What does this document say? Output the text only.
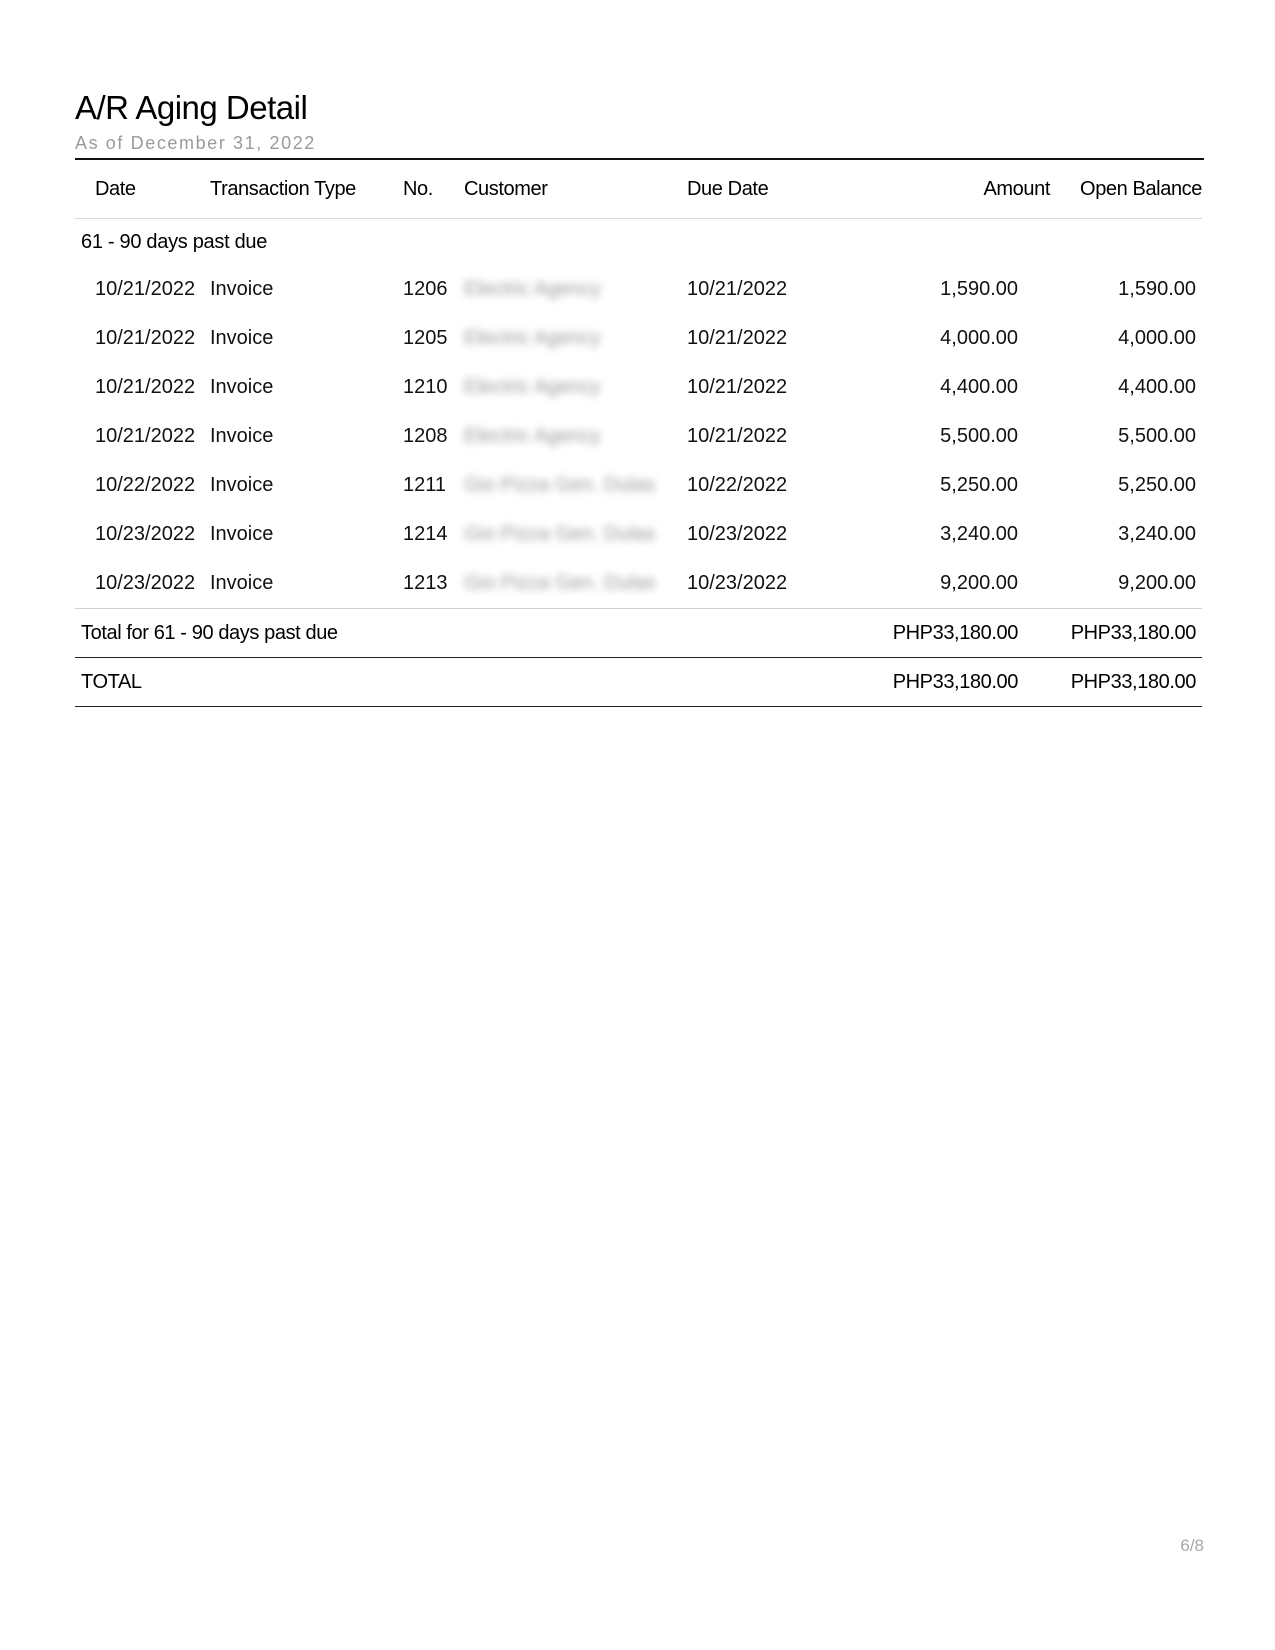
A/R Aging Detail
As of December 31, 2022
Date	Transaction Type	No.	Customer	Due Date	Amount	Open Balance
61 - 90 days past due						
10/21/2022	Invoice	1206	Electric Agency	10/21/2022	1,590.00	1,590.00
10/21/2022	Invoice	1205	Electric Agency	10/21/2022	4,000.00	4,000.00
10/21/2022	Invoice	1210	Electric Agency	10/21/2022	4,400.00	4,400.00
10/21/2022	Invoice	1208	Electric Agency	10/21/2022	5,500.00	5,500.00
10/22/2022	Invoice	1211	Gio Pizza Gen. Dulas	10/22/2022	5,250.00	5,250.00
10/23/2022	Invoice	1214	Gio Pizza Gen. Dulas	10/23/2022	3,240.00	3,240.00
10/23/2022	Invoice	1213	Gio Pizza Gen. Dulas	10/23/2022	9,200.00	9,200.00
Total for 61 - 90 days past due					PHP33,180.00	PHP33,180.00
TOTAL					PHP33,180.00	PHP33,180.00
6/8
